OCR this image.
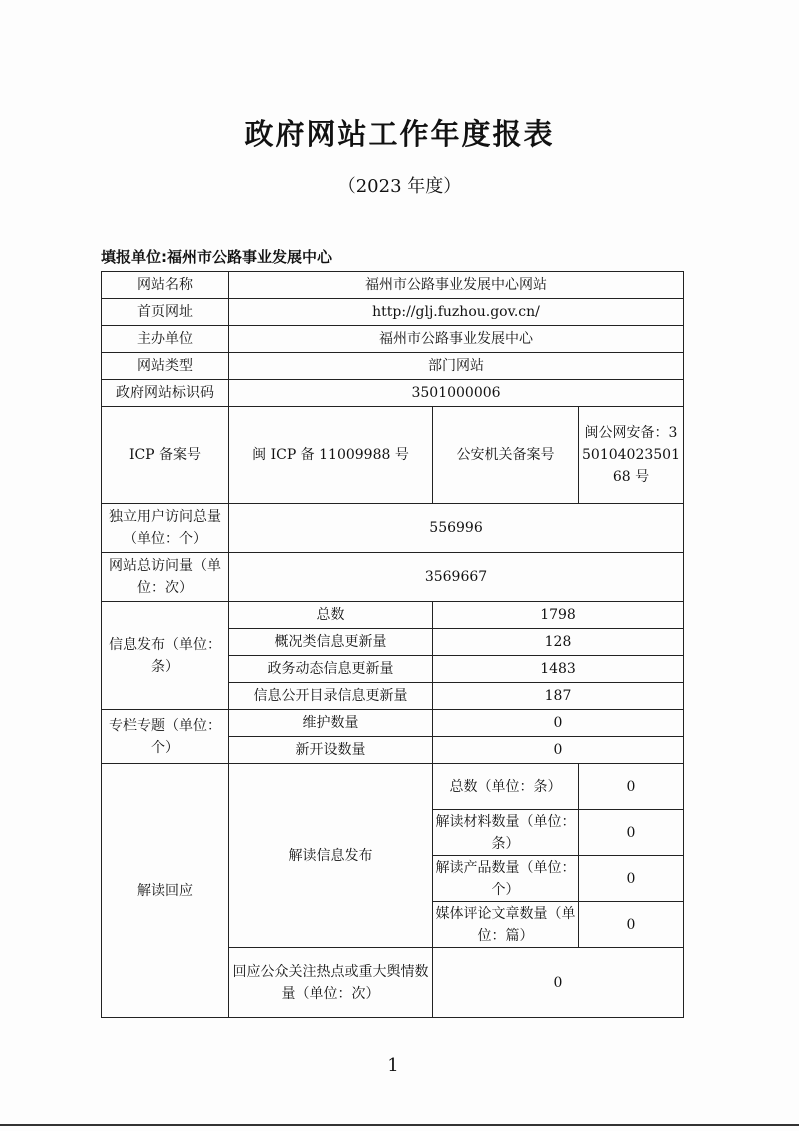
政府网站工作年度报表
（2023 年度）
填报单位:福州市公路事业发展中心
网站名称	福州市公路事业发展中心网站		
首页网址	http://glj.fuzhou.gov.cn/		
主办单位	福州市公路事业发展中心		
网站类型	部门网站		
政府网站标识码	3501000006		
ICP 备案号	闽 ICP 备 11009988 号	公安机关备案号	闽公网安备：35010402350168 号
独立用户访问总量（单位：个）	556996		
网站总访问量（单位：次）	3569667		
信息发布（单位：条）	总数	1798	
	概况类信息更新量	128	
	政务动态信息更新量	1483	
	信息公开目录信息更新量	187	
专栏专题（单位：个）	维护数量	0	
	新开设数量	0	
解读回应	解读信息发布	总数（单位：条）	0
		解读材料数量（单位：条）	0
		解读产品数量（单位：个）	0
		媒体评论文章数量（单位：篇）	0
	回应公众关注热点或重大舆情数量（单位：次）	0	
1
